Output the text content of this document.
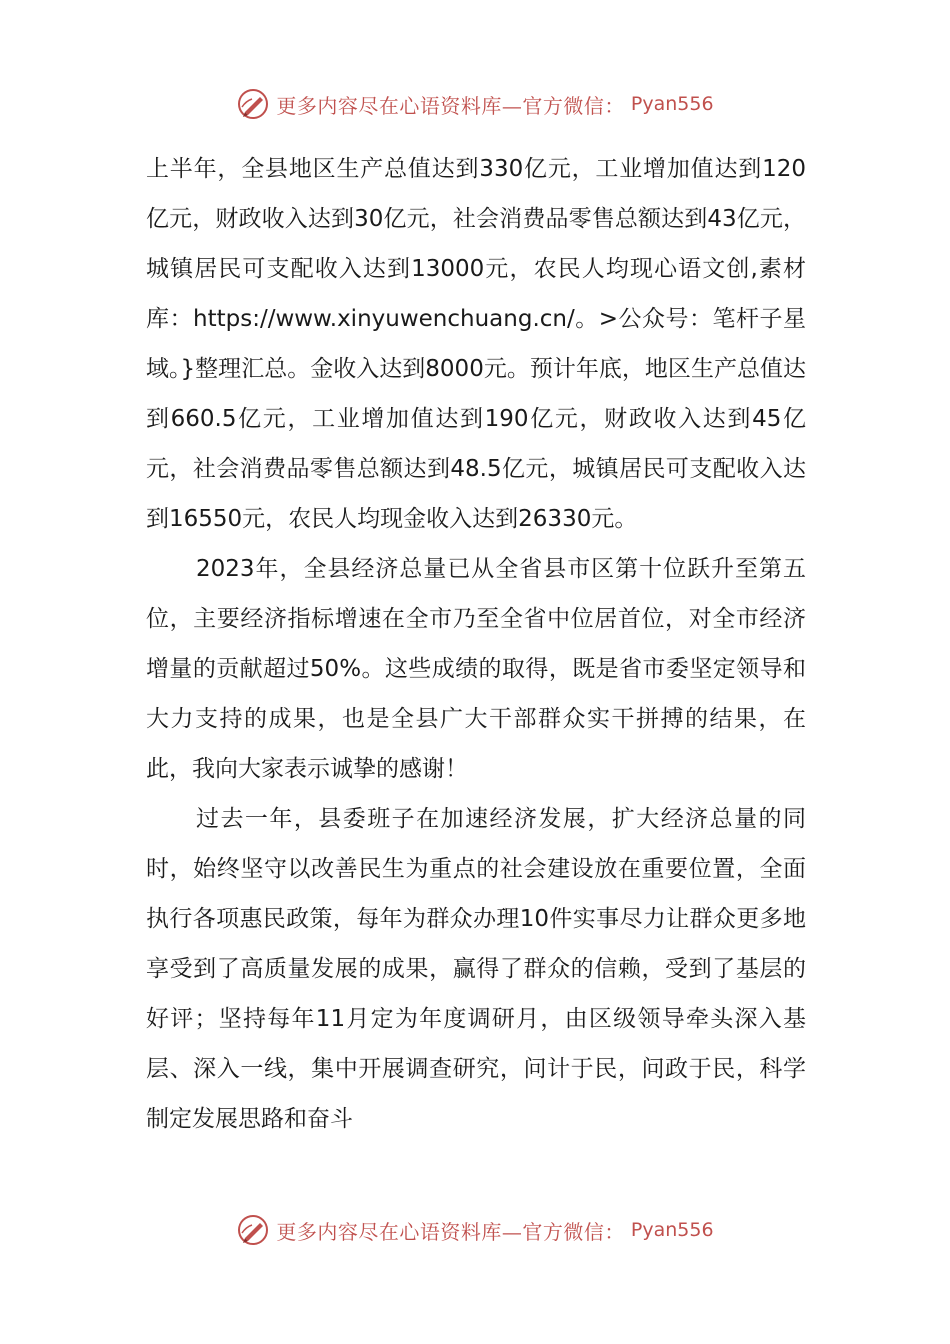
更多内容尽在心语资料库—官方微信： Pyan556

上半年，全县地区生产总值达到330亿元，工业增加值达到120亿元，财政收入达到30亿元，社会消费品零售总额达到43亿元，城镇居民可支配收入达到13000元，农民人均现心语文创,素材库：https://www.xinyuwenchuang.cn/。>公众号：笔杆子星域。}整理汇总。金收入达到8000元。预计年底，地区生产总值达到660.5亿元，工业增加值达到190亿元，财政收入达到45亿元，社会消费品零售总额达到48.5亿元，城镇居民可支配收入达到16550元，农民人均现金收入达到26330元。

2023年，全县经济总量已从全省县市区第十位跃升至第五位，主要经济指标增速在全市乃至全省中位居首位，对全市经济增量的贡献超过50%。这些成绩的取得，既是省市委坚定领导和大力支持的成果，也是全县广大干部群众实干拼搏的结果，在此，我向大家表示诚挚的感谢！

过去一年，县委班子在加速经济发展，扩大经济总量的同时，始终坚守以改善民生为重点的社会建设放在重要位置，全面执行各项惠民政策，每年为群众办理10件实事尽力让群众更多地享受到了高质量发展的成果，赢得了群众的信赖，受到了基层的好评；坚持每年11月定为年度调研月，由区级领导牵头深入基层、深入一线，集中开展调查研究，问计于民，问政于民，科学制定发展思路和奋斗

更多内容尽在心语资料库—官方微信： Pyan556
